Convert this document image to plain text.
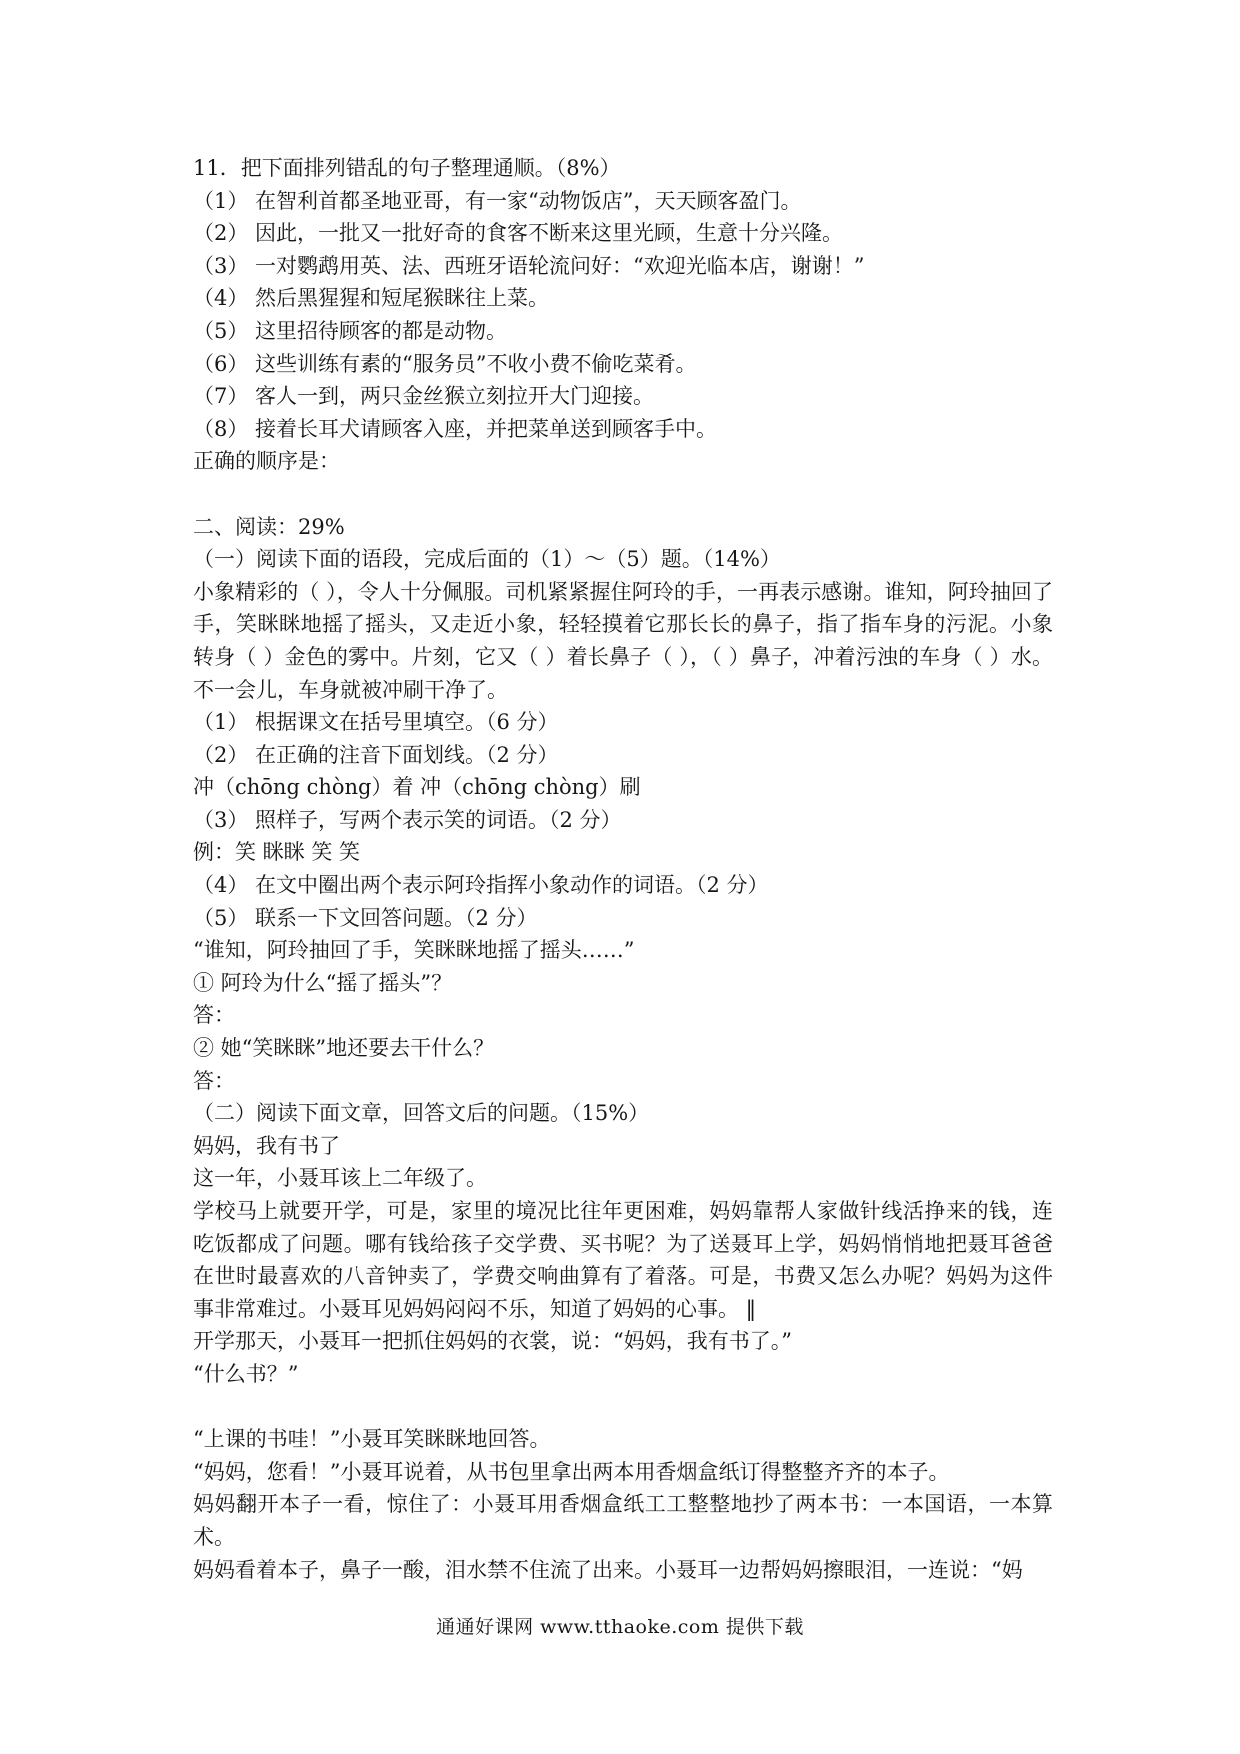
11．把下面排列错乱的句子整理通顺。（8%）
（1） 在智利首都圣地亚哥，有一家“动物饭店”，天天顾客盈门。
（2） 因此，一批又一批好奇的食客不断来这里光顾，生意十分兴隆。
（3） 一对鹦鹉用英、法、西班牙语轮流问好：“欢迎光临本店，谢谢！”
（4） 然后黑猩猩和短尾猴眯往上菜。
（5） 这里招待顾客的都是动物。
（6） 这些训练有素的“服务员”不收小费不偷吃菜肴。
（7） 客人一到，两只金丝猴立刻拉开大门迎接。
（8） 接着长耳犬请顾客入座，并把菜单送到顾客手中。
正确的顺序是：
二、阅读：29%
（一）阅读下面的语段，完成后面的（1）～（5）题。（14%）
小象精彩的（ ），令人十分佩服。司机紧紧握住阿玲的手，一再表示感谢。谁知，阿玲抽回了手，笑眯眯地摇了摇头，又走近小象，轻轻摸着它那长长的鼻子，指了指车身的污泥。小象转身（ ）金色的雾中。片刻，它又（ ）着长鼻子（ ），（ ）鼻子，冲着污浊的车身（ ）水。不一会儿，车身就被冲刷干净了。
（1） 根据课文在括号里填空。（6 分）
（2） 在正确的注音下面划线。（2 分）
冲（chōng chòng）着 冲（chōng chòng）刷
（3） 照样子，写两个表示笑的词语。（2 分）
例：笑 眯眯 笑 笑
（4） 在文中圈出两个表示阿玲指挥小象动作的词语。（2 分）
（5） 联系一下文回答问题。（2 分）
“谁知，阿玲抽回了手，笑眯眯地摇了摇头……”
① 阿玲为什么“摇了摇头”？
答：
② 她“笑眯眯”地还要去干什么？
答：
（二）阅读下面文章，回答文后的问题。（15%）
妈妈，我有书了
这一年，小聂耳该上二年级了。
学校马上就要开学，可是，家里的境况比往年更困难，妈妈靠帮人家做针线活挣来的钱，连吃饭都成了问题。哪有钱给孩子交学费、买书呢？为了送聂耳上学，妈妈悄悄地把聂耳爸爸在世时最喜欢的八音钟卖了，学费交响曲算有了着落。可是，书费又怎么办呢？妈妈为这件事非常难过。小聂耳见妈妈闷闷不乐，知道了妈妈的心事。 ‖
开学那天，小聂耳一把抓住妈妈的衣裳，说：“妈妈，我有书了。”
“什么书？”
“上课的书哇！”小聂耳笑眯眯地回答。
“妈妈，您看！”小聂耳说着，从书包里拿出两本用香烟盒纸订得整整齐齐的本子。
妈妈翻开本子一看，惊住了：小聂耳用香烟盒纸工工整整地抄了两本书：一本国语，一本算术。
妈妈看着本子，鼻子一酸，泪水禁不住流了出来。小聂耳一边帮妈妈擦眼泪，一连说：“妈
通通好课网 www.tthaoke.com 提供下载
